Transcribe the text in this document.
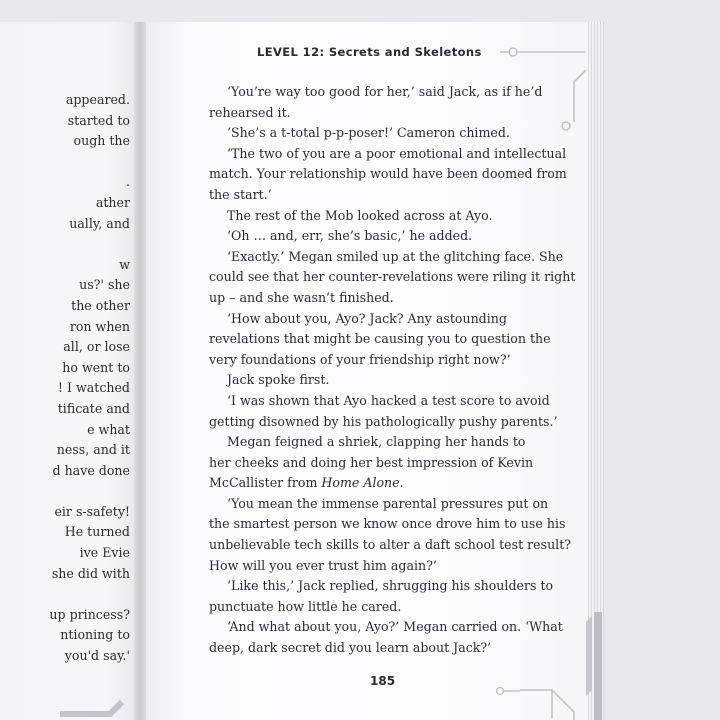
appeared.
started to
ough the
.
ather
ually, and
w
us?' she
the other
ron when
all, or lose
ho went to
! I watched
tificate and
e what
ness, and it
d have done
eir s-safety!
He turned
ive Evie
she did with
up princess?
ntioning to
you'd say.'
LEVEL 12: Secrets and Skeletons
‘You’re way too good for her,’ said Jack, as if he’d
rehearsed it.
‘She’s a t-total p-p-poser!’ Cameron chimed.
‘The two of you are a poor emotional and intellectual
match. Your relationship would have been doomed from
the start.’
The rest of the Mob looked across at Ayo.
‘Oh … and, err, she’s basic,’ he added.
‘Exactly.’ Megan smiled up at the glitching face. She
could see that her counter-revelations were riling it right
up – and she wasn’t finished.
‘How about you, Ayo? Jack? Any astounding
revelations that might be causing you to question the
very foundations of your friendship right now?’
Jack spoke first.
‘I was shown that Ayo hacked a test score to avoid
getting disowned by his pathologically pushy parents.’
Megan feigned a shriek, clapping her hands to
her cheeks and doing her best impression of Kevin
McCallister from Home Alone.
‘You mean the immense parental pressures put on
the smartest person we know once drove him to use his
unbelievable tech skills to alter a daft school test result?
How will you ever trust him again?’
‘Like this,’ Jack replied, shrugging his shoulders to
punctuate how little he cared.
‘And what about you, Ayo?’ Megan carried on. ‘What
deep, dark secret did you learn about Jack?’
185
